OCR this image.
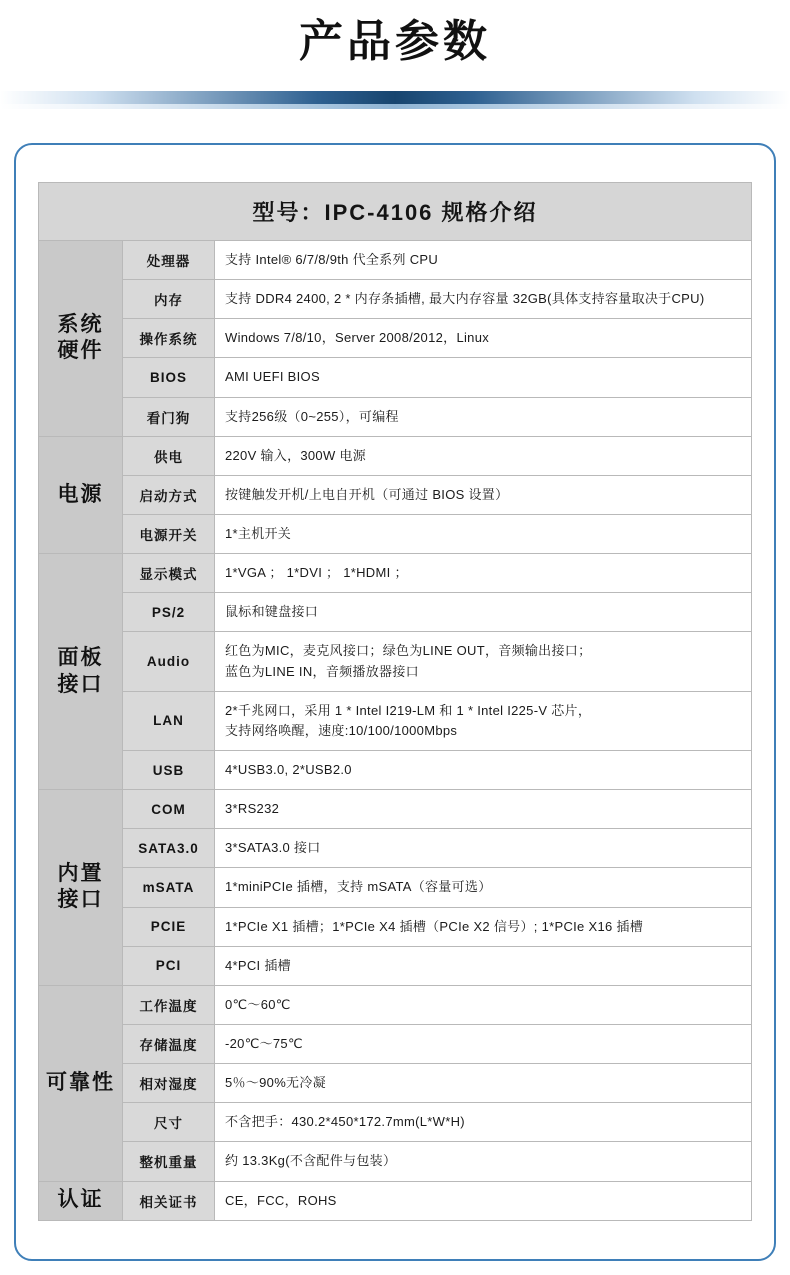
产品参数
型号：IPC-4106 规格介绍		
系统
硬件	处理器	支持 Intel® 6/7/8/9th 代全系列 CPU
	内存	支持 DDR4 2400, 2 * 内存条插槽, 最大内存容量 32GB(具体支持容量取决于CPU)
	操作系统	Windows 7/8/10，Server 2008/2012，Linux
	BIOS	AMI UEFI BIOS
	看门狗	支持256级（0~255），可编程
电源	供电	220V 输入，300W 电源
	启动方式	按键触发开机/上电自开机（可通过 BIOS 设置）
	电源开关	1*主机开关
面板
接口	显示模式	1*VGA ； 1*DVI ； 1*HDMI ；
	PS/2	鼠标和键盘接口
	Audio	红色为MIC，麦克风接口；绿色为LINE OUT，音频输出接口；
蓝色为LINE IN，音频播放器接口
	LAN	2*千兆网口，采用 1 * Intel I219-LM 和 1 * Intel I225-V 芯片，
支持网络唤醒，速度:10/100/1000Mbps
	USB	4*USB3.0, 2*USB2.0
内置
接口	COM	3*RS232
	SATA3.0	3*SATA3.0 接口
	mSATA	1*miniPCIe 插槽，支持 mSATA（容量可选）
	PCIE	1*PCIe X1 插槽；1*PCIe X4 插槽（PCIe X2 信号）; 1*PCIe X16 插槽
	PCI	4*PCI 插槽
可靠性	工作温度	0℃～60℃
	存储温度	-20℃～75℃
	相对湿度	5％～90%无冷凝
	尺寸	不含把手：430.2*450*172.7mm(L*W*H)
	整机重量	约 13.3Kg(不含配件与包装）
认证	相关证书	CE，FCC，ROHS
